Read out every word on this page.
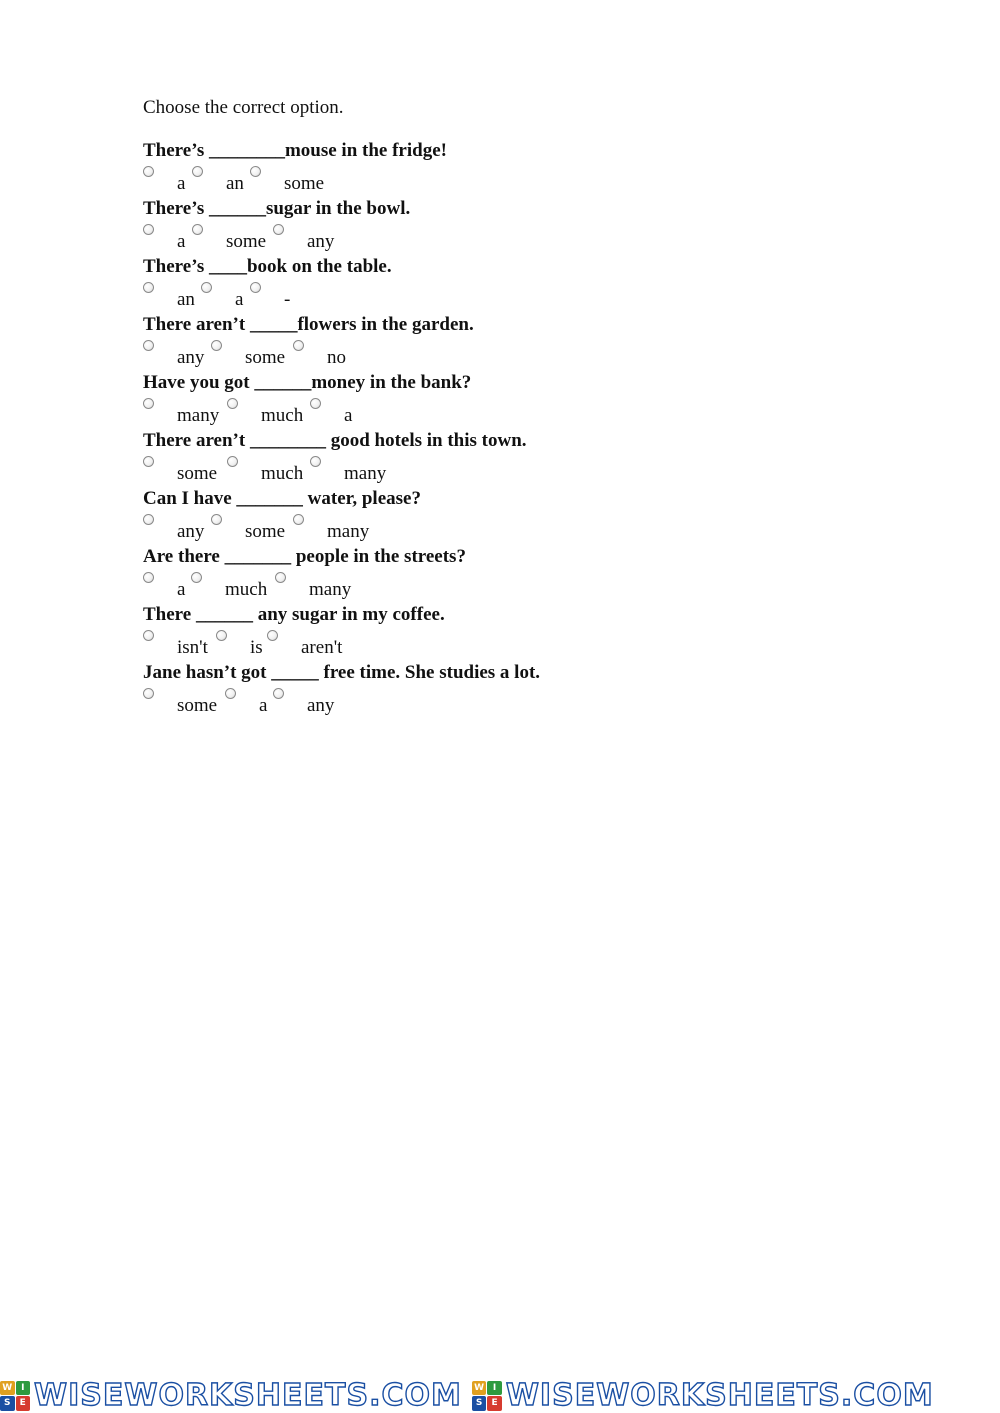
Choose the correct option.
There’s ________mouse in the fridge!
a an some
There’s ______sugar in the bowl.
a some any
There’s ____book on the table.
an a -
There aren’t _____flowers in the garden.
any some no
Have you got ______money in the bank?
many much a
There aren’t ________ good hotels in this town.
some much many
Can I have _______ water, please?
any some many
Are there _______ people in the streets?
a much many
There ______ any sugar in my coffee.
isn't is aren't
Jane hasn’t got _____ free time. She studies a lot.
some a any
W I
S	E WISEWORKSHEETS.COM W I
S	E WISEWORKSHEETS.COM
